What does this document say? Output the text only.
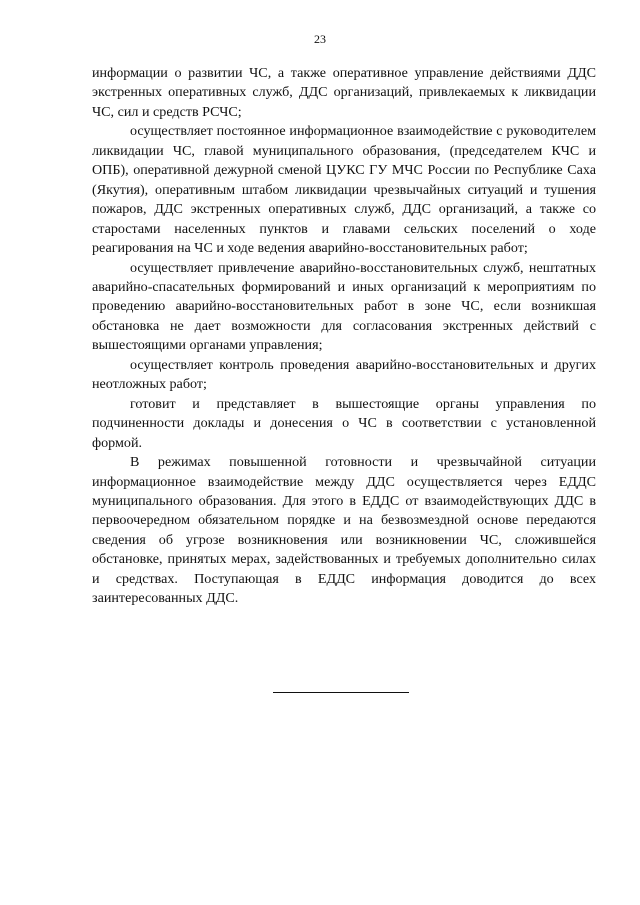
23

информации о развитии ЧС, а также оперативное управление действиями ДДС экстренных оперативных служб, ДДС организаций, привлекаемых к ликвидации ЧС, сил и средств РСЧС;

осуществляет постоянное информационное взаимодействие с руководителем ликвидации ЧС, главой муниципального образования, (председателем КЧС и ОПБ), оперативной дежурной сменой ЦУКС ГУ МЧС России по Республике Саха (Якутия), оперативным штабом ликвидации чрезвычайных ситуаций и тушения пожаров, ДДС экстренных оперативных служб, ДДС организаций, а также со старостами населенных пунктов и главами сельских поселений о ходе реагирования на ЧС и ходе ведения аварийно-восстановительных работ;

осуществляет привлечение аварийно-восстановительных служб, нештатных аварийно-спасательных формирований и иных организаций к мероприятиям по проведению аварийно-восстановительных работ в зоне ЧС, если возникшая обстановка не дает возможности для согласования экстренных действий с вышестоящими органами управления;

осуществляет контроль проведения аварийно-восстановительных и других неотложных работ;

готовит и представляет в вышестоящие органы управления по подчиненности доклады и донесения о ЧС в соответствии с установленной формой.

В режимах повышенной готовности и чрезвычайной ситуации информационное взаимодействие между ДДС осуществляется через ЕДДС муниципального образования. Для этого в ЕДДС от взаимодействующих ДДС в первоочередном обязательном порядке и на безвозмездной основе передаются сведения об угрозе возникновения или возникновении ЧС, сложившейся обстановке, принятых мерах, задействованных и требуемых дополнительно силах и средствах. Поступающая в ЕДДС информация доводится до всех заинтересованных ДДС.
